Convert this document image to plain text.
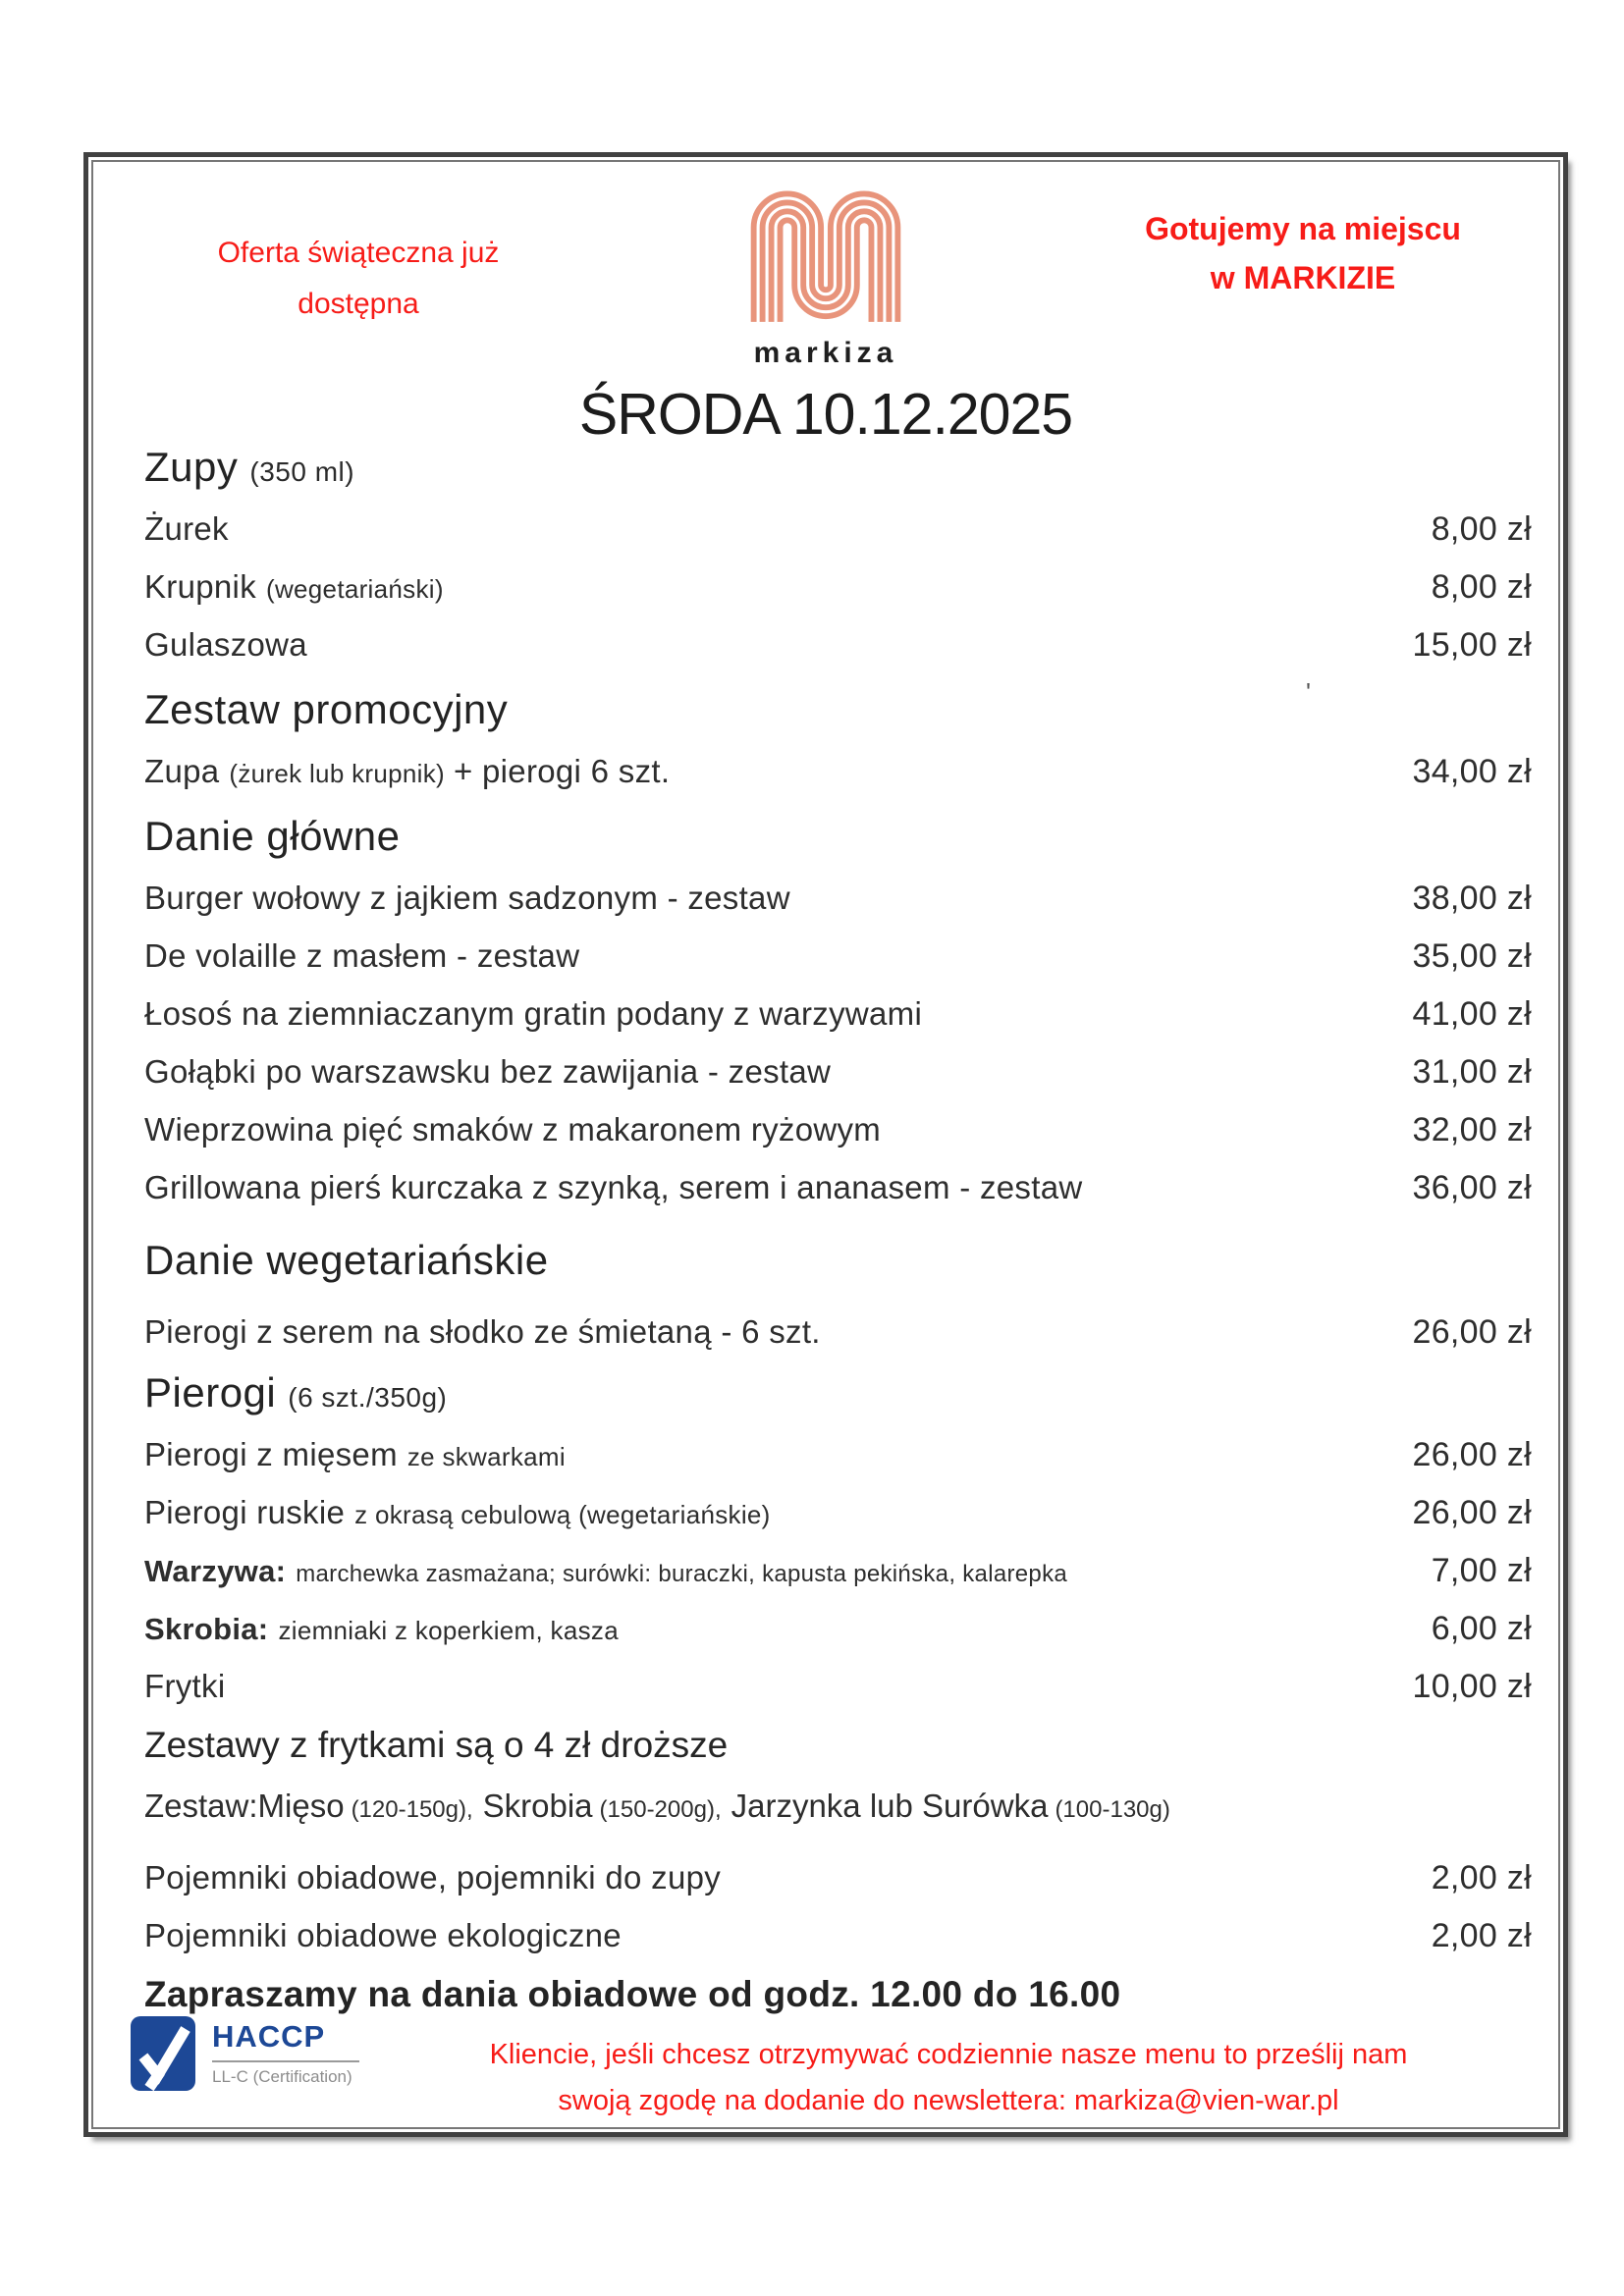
Oferta świąteczna już
dostępna
markiza
Gotujemy na miejscu
w MARKIZIE
ŚRODA 10.12.2025
'
Zupy (350 ml)
Żurek	8,00 zł
Krupnik (wegetariański)	8,00 zł
Gulaszowa	15,00 zł
Zestaw promocyjny
Zupa (żurek lub krupnik) + pierogi 6 szt.	34,00 zł
Danie główne
Burger wołowy z jajkiem sadzonym - zestaw	38,00 zł
De volaille z masłem - zestaw	35,00 zł
Łosoś na ziemniaczanym gratin podany z warzywami	41,00 zł
Gołąbki po warszawsku bez zawijania - zestaw	31,00 zł
Wieprzowina pięć smaków z makaronem ryżowym	32,00 zł
Grillowana pierś kurczaka z szynką, serem i ananasem - zestaw	36,00 zł
Danie wegetariańskie
Pierogi z serem na słodko ze śmietaną - 6 szt.	26,00 zł
Pierogi (6 szt./350g)
Pierogi z mięsem ze skwarkami	26,00 zł
Pierogi ruskie z okrasą cebulową (wegetariańskie)	26,00 zł
Warzywa: marchewka zasmażana; surówki: buraczki, kapusta pekińska, kalarepka	7,00 zł
Skrobia: ziemniaki z koperkiem, kasza	6,00 zł
Frytki	10,00 zł
Zestawy z frytkami są o 4 zł droższe
Zestaw:Mięso (120-150g), Skrobia (150-200g), Jarzynka lub Surówka (100-130g)
Pojemniki obiadowe, pojemniki do zupy	2,00 zł
Pojemniki obiadowe ekologiczne	2,00 zł
Zapraszamy na dania obiadowe od godz. 12.00 do 16.00
HACCP
LL-C (Certification)
Kliencie, jeśli chcesz otrzymywać codziennie nasze menu to prześlij nam
swoją zgodę na dodanie do newslettera: markiza@vien-war.pl
